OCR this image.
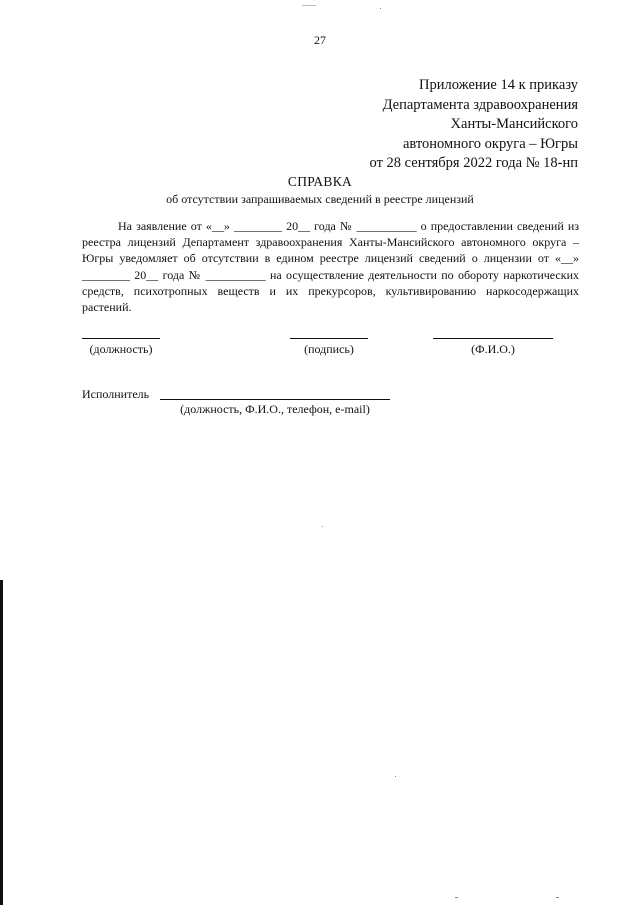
27
Приложение 14 к приказу
Департамента здравоохранения
Ханты-Мансийского
автономного округа – Югры
от 28 сентября 2022 года № 18-нп
СПРАВКА
об отсутствии запрашиваемых сведений в реестре лицензий

На заявление от «__» ________ 20__ года № __________ о предоставлении сведений из реестра лицензий Департамент здравоохранения Ханты-Мансийского автономного округа – Югры уведомляет об отсутствии в едином реестре лицензий сведений о лицензии от «__» ________ 20__ года № __________ на осуществление деятельности по обороту наркотических средств, психотропных веществ и их прекурсоров, культивированию наркосодержащих растений.

(должность)	(подпись)	(Ф.И.О.)
Исполнитель
(должность, Ф.И.О., телефон, e-mail)
